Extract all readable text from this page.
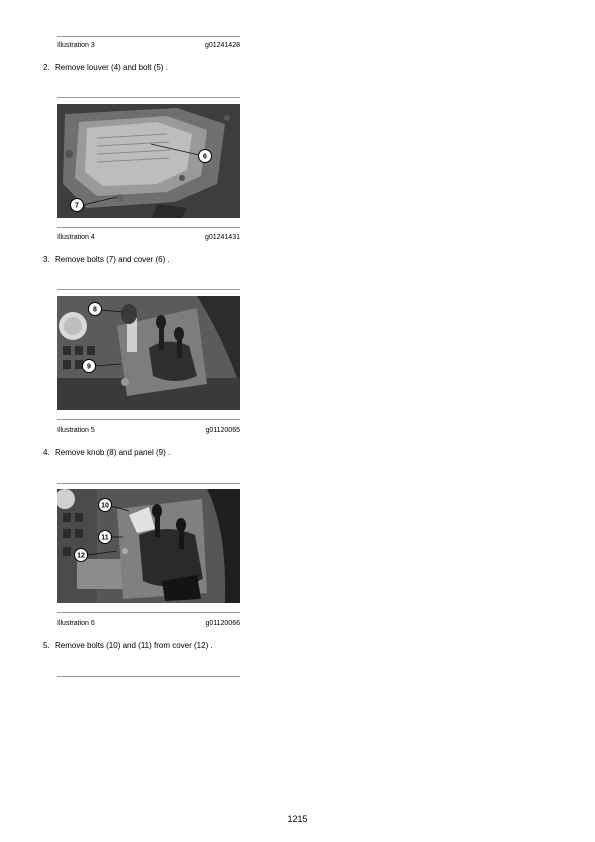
Illustration 3	g01241428
2. Remove louver (4) and bolt (5) .
6
7
Illustration 4	g01241431
3. Remove bolts (7) and cover (6) .
8
9
Illustration 5	g01120065
4. Remove knob (8) and panel (9) .
10
11
12
Illustration 6	g01120066
5. Remove bolts (10) and (11) from cover (12) .
1215
